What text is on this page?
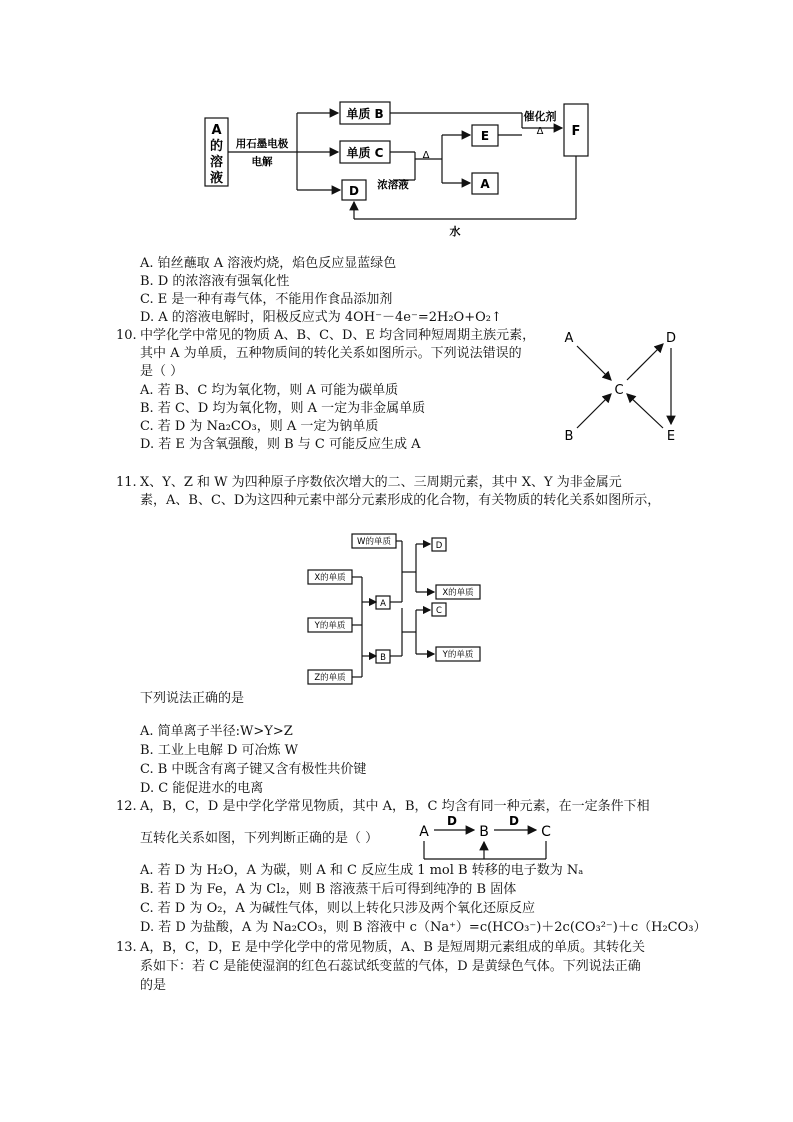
A
的
溶
液
用石墨电极
电解
单质 B
单质 C
D
催化剂
Δ
Δ
浓溶液
E
A
F
水
A. 铂丝蘸取 A 溶液灼烧，焰色反应显蓝绿色
B. D 的浓溶液有强氧化性
C. E 是一种有毒气体，不能用作食品添加剂
D. A 的溶液电解时，阳极反应式为 4OH⁻－4e⁻=2H₂O+O₂↑
10. 中学化学中常见的物质 A、B、C、D、E 均含同种短周期主族元素，
其中 A 为单质，五种物质间的转化关系如图所示。下列说法错误的
是（ ）
A. 若 B、C 均为氧化物，则 A 可能为碳单质
B. 若 C、D 均为氧化物，则 A 一定为非金属单质
C. 若 D 为 Na₂CO₃，则 A 一定为钠单质
D. 若 E 为含氧强酸，则 B 与 C 可能反应生成 A
A	D
C
B	E
11. X、Y、Z 和 W 为四种原子序数依次增大的二、三周期元素，其中 X、Y 为非金属元
素，A、B、C、D为这四种元素中部分元素形成的化合物，有关物质的转化关系如图所示，
W的单质
X的单质
Y的单质
Z的单质
A
B
D
X的单质
C
Y的单质
下列说法正确的是
A. 简单离子半径:W>Y>Z
B. 工业上电解 D 可冶炼 W
C. B 中既含有离子键又含有极性共价键
D. C 能促进水的电离
12. A，B，C，D 是中学化学常见物质，其中 A，B，C 均含有同一种元素，在一定条件下相
互转化关系如图，下列判断正确的是（ ）	A	B	C
D	D
A. 若 D 为 H₂O，A 为碳，则 A 和 C 反应生成 1 mol B 转移的电子数为 Nₐ
B. 若 D 为 Fe，A 为 Cl₂，则 B 溶液蒸干后可得到纯净的 B 固体
C. 若 D 为 O₂，A 为碱性气体，则以上转化只涉及两个氧化还原反应
D. 若 D 为盐酸，A 为 Na₂CO₃，则 B 溶液中 c（Na⁺）=c(HCO₃⁻)＋2c(CO₃²⁻)＋c（H₂CO₃）
13. A，B，C，D，E 是中学化学中的常见物质，A、B 是短周期元素组成的单质。其转化关
系如下：若 C 是能使湿润的红色石蕊试纸变蓝的气体，D 是黄绿色气体。下列说法正确
的是
